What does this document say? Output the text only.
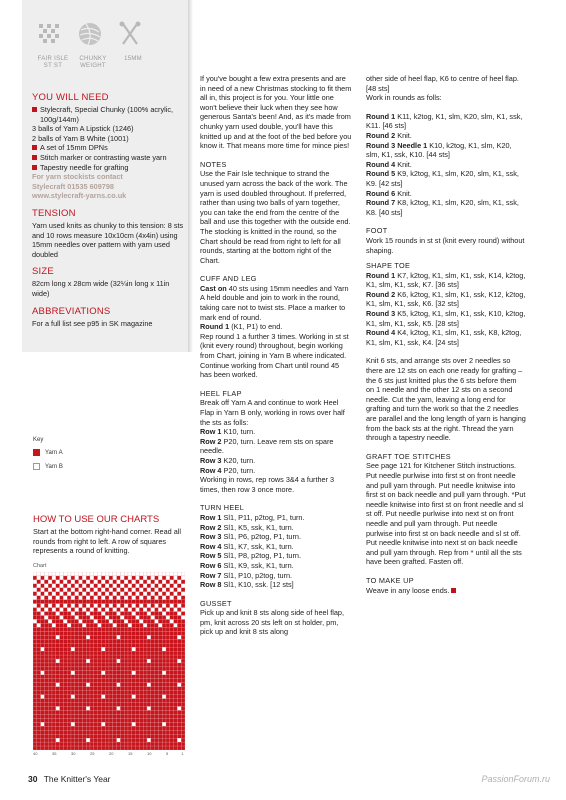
FAIR ISLE ST ST
CHUNKY WEIGHT
15MM
YOU WILL NEED
Stylecraft, Special Chunky (100% acrylic, 100g/144m)
3 balls of Yarn A Lipstick (1246)
2 balls of Yarn B White (1001)
A set of 15mm DPNs
Stitch marker or contrasting waste yarn
Tapestry needle for grafting
For yarn stockists contact
Stylecraft 01535 609798
www.stylecraft-yarns.co.uk
TENSION
Yarn used knits as chunky to this tension: 8 sts and 10 rows measure 10x10cm (4x4in) using 15mm needles over pattern with yarn used doubled
SIZE
82cm long x 28cm wide (32¼in long x 11in wide)
ABBREVIATIONS
For a full list see p95 in SK magazine
Key
Yarn A
Yarn B
HOW TO USE OUR CHARTS
Start at the bottom right-hand corner. Read all rounds from right to left. A row of squares represents a round of knitting.
Chart
40	35	30	25	20	15	10	5	1
If you've bought a few extra presents and are in need of a new Christmas stocking to fit them all in, this project is for you. Your little one won't believe their luck when they see how generous Santa's been! And, as it's made from chunky yarn used double, you'll have this knitted up and at the foot of the bed before you know it. That means more time for mince pies!
NOTES
Use the Fair Isle technique to strand the unused yarn across the back of the work. The yarn is used doubled throughout. If preferred, rather than using two balls of yarn together, you can take the end from the centre of the ball and use this together with the outside end. The stocking is knitted in the round, so the Chart should be read from right to left for all rounds, starting at the bottom right of the Chart.
CUFF AND LEG
Cast on 40 sts using 15mm needles and Yarn A held double and join to work in the round, taking care not to twist sts. Place a marker to mark end of round.
Round 1 (K1, P1) to end.
Rep round 1 a further 3 times. Working in st st (knit every round) throughout, begin working from Chart, joining in Yarn B where indicated. Continue working from Chart until round 45 has been worked.
HEEL FLAP
Break off Yarn A and continue to work Heel Flap in Yarn B only, working in rows over half the sts as folls:
Row 1 K10, turn.
Row 2 P20, turn. Leave rem sts on spare needle.
Row 3 K20, turn.
Row 4 P20, turn.
Working in rows, rep rows 3&4 a further 3 times, then row 3 once more.
TURN HEEL
Row 1 Sl1, P11, p2tog, P1, turn.
Row 2 Sl1, K5, ssk, K1, turn.
Row 3 Sl1, P6, p2tog, P1, turn.
Row 4 Sl1, K7, ssk, K1, turn.
Row 5 Sl1, P8, p2tog, P1, turn.
Row 6 Sl1, K9, ssk, K1, turn.
Row 7 Sl1, P10, p2tog, turn.
Row 8 Sl1, K10, ssk. [12 sts]
GUSSET
Pick up and knit 8 sts along side of heel flap, pm, knit across 20 sts left on st holder, pm, pick up and knit 8 sts along
other side of heel flap, K6 to centre of heel flap. [48 sts]
Work in rounds as folls:
Round 1 K11, k2tog, K1, slm, K20, slm, K1, ssk, K11. [46 sts]
Round 2 Knit.
Round 3 Needle 1 K10, k2tog, K1, slm, K20, slm, K1, ssk, K10. [44 sts]
Round 4 Knit.
Round 5 K9, k2tog, K1, slm, K20, slm, K1, ssk, K9. [42 sts]
Round 6 Knit.
Round 7 K8, k2tog, K1, slm, K20, slm, K1, ssk, K8. [40 sts]
FOOT
Work 15 rounds in st st (knit every round) without shaping.
SHAPE TOE
Round 1 K7, k2tog, K1, slm, K1, ssk, K14, k2tog, K1, slm, K1, ssk, K7. [36 sts]
Round 2 K6, k2tog, K1, slm, K1, ssk, K12, k2tog, K1, slm, K1, ssk, K6. [32 sts]
Round 3 K5, k2tog, K1, slm, K1, ssk, K10, k2tog, K1, slm, K1, ssk, K5. [28 sts]
Round 4 K4, k2tog, K1, slm, K1, ssk, K8, k2tog, K1, slm, K1, ssk, K4. [24 sts]
Knit 6 sts, and arrange sts over 2 needles so there are 12 sts on each one ready for grafting – the 6 sts just knitted plus the 6 sts before them on 1 needle and the other 12 sts on a second needle. Cut the yarn, leaving a long end for grafting and turn the work so that the 2 needles are parallel and the long length of yarn is hanging from the back sts at the right. Thread the yarn through a tapestry needle.
GRAFT TOE STITCHES
See page 121 for Kitchener Stitch instructions. Put needle purlwise into first st on front needle and pull yarn through. Put needle knitwise into first st on back needle and pull yarn through. *Put needle knitwise into first st on front needle and sl st off. Put needle purlwise into next st on front needle and pull yarn through. Put needle purlwise into first st on back needle and sl st off. Put needle knitwise into next st on back needle and pull yarn through. Rep from * until all the sts have been grafted. Fasten off.
TO MAKE UP
Weave in any loose ends.
30 The Knitter's Year	PassionForum.ru
